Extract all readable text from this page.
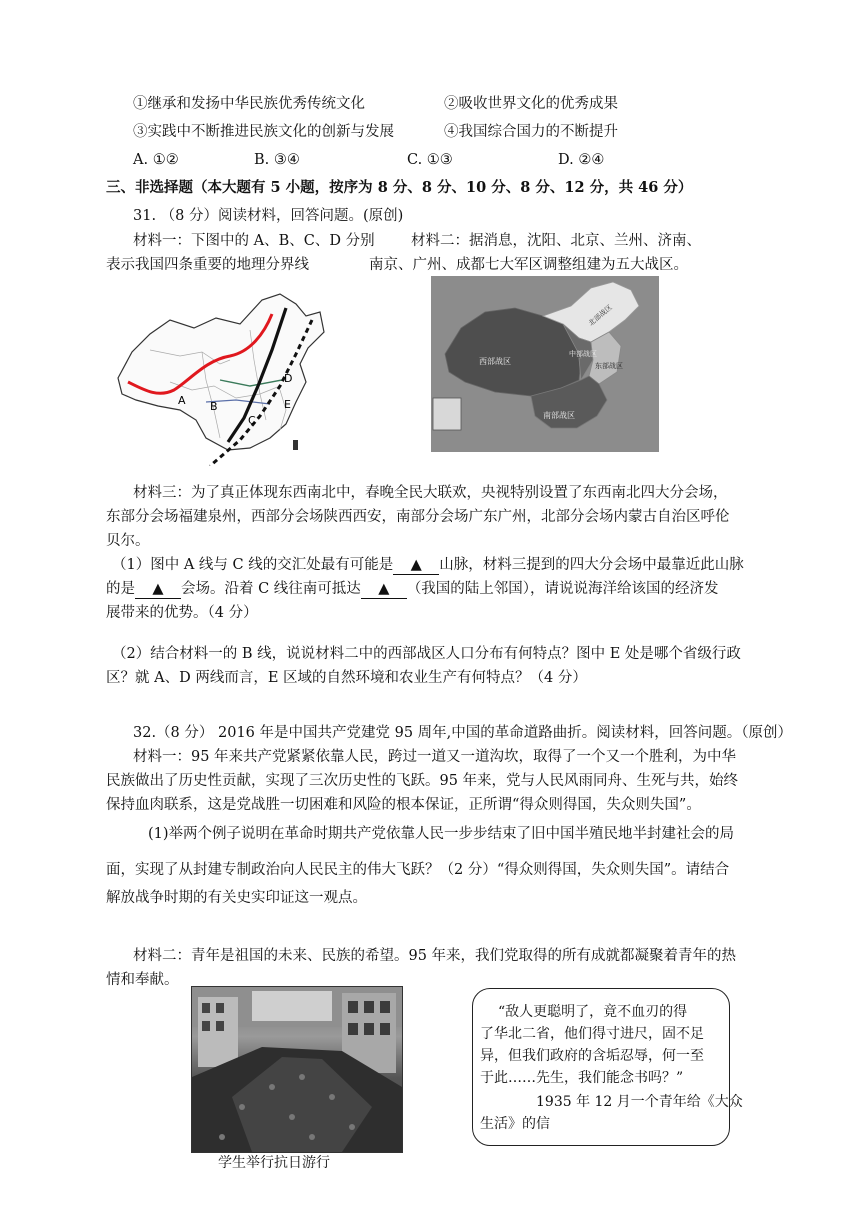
①继承和发扬中华民族优秀传统文化	②吸收世界文化的优秀成果
③实践中不断推进民族文化的创新与发展	④我国综合国力的不断提升
A. ①②	B. ③④	C. ①③	D. ②④
三、非选择题（本大题有 5 小题，按序为 8 分、8 分、10 分、8 分、12 分，共 46 分）
31. （8 分）阅读材料，回答问题。(原创)
材料一：下图中的 A、B、C、D 分别
表示我国四条重要的地理分界线
材料二：据消息，沈阳、北京、兰州、济南、
南京、广州、成都七大军区调整组建为五大战区。
A B
C
D
E
西部战区
北部战区
中部战区
东部战区
南部战区
材料三：为了真正体现东西南北中，春晚全民大联欢，央视特别设置了东西南北四大分会场，
东部分会场福建泉州，西部分会场陕西西安，南部分会场广东广州，北部分会场内蒙古自治区呼伦
贝尔。
（1）图中 A 线与 C 线的交汇处最有可能是 ▲ 山脉，材料三提到的四大分会场中最靠近此山脉
的是 ▲ 会场。沿着 C 线往南可抵达 ▲ （我国的陆上邻国），请说说海洋给该国的经济发
展带来的优势。（4 分）
（2）结合材料一的 B 线，说说材料二中的西部战区人口分布有何特点？图中 E 处是哪个省级行政
区？就 A、D 两线而言，E 区域的自然环境和农业生产有何特点？（4 分）
32.（8 分） 2016 年是中国共产党建党 95 周年,中国的革命道路曲折。阅读材料，回答问题。（原创）
材料一：95 年来共产党紧紧依靠人民，跨过一道又一道沟坎，取得了一个又一个胜利，为中华
民族做出了历史性贡献，实现了三次历史性的飞跃。95 年来，党与人民风雨同舟、生死与共，始终
保持血肉联系，这是党战胜一切困难和风险的根本保证，正所谓“得众则得国，失众则失国”。
(1)举两个例子说明在革命时期共产党依靠人民一步步结束了旧中国半殖民地半封建社会的局
面，实现了从封建专制政治向人民民主的伟大飞跃？（2 分）“得众则得国，失众则失国”。请结合
解放战争时期的有关史实印证这一观点。
材料二：青年是祖国的未来、民族的希望。95 年来，我们党取得的所有成就都凝聚着青年的热
情和奉献。
学生举行抗日游行
“敌人更聪明了，竟不血刃的得
了华北二省，他们得寸进尺，固不足
异，但我们政府的含垢忍辱，何一至
于此……先生，我们能念书吗？”
1935 年 12 月一个青年给《大众
生活》的信
